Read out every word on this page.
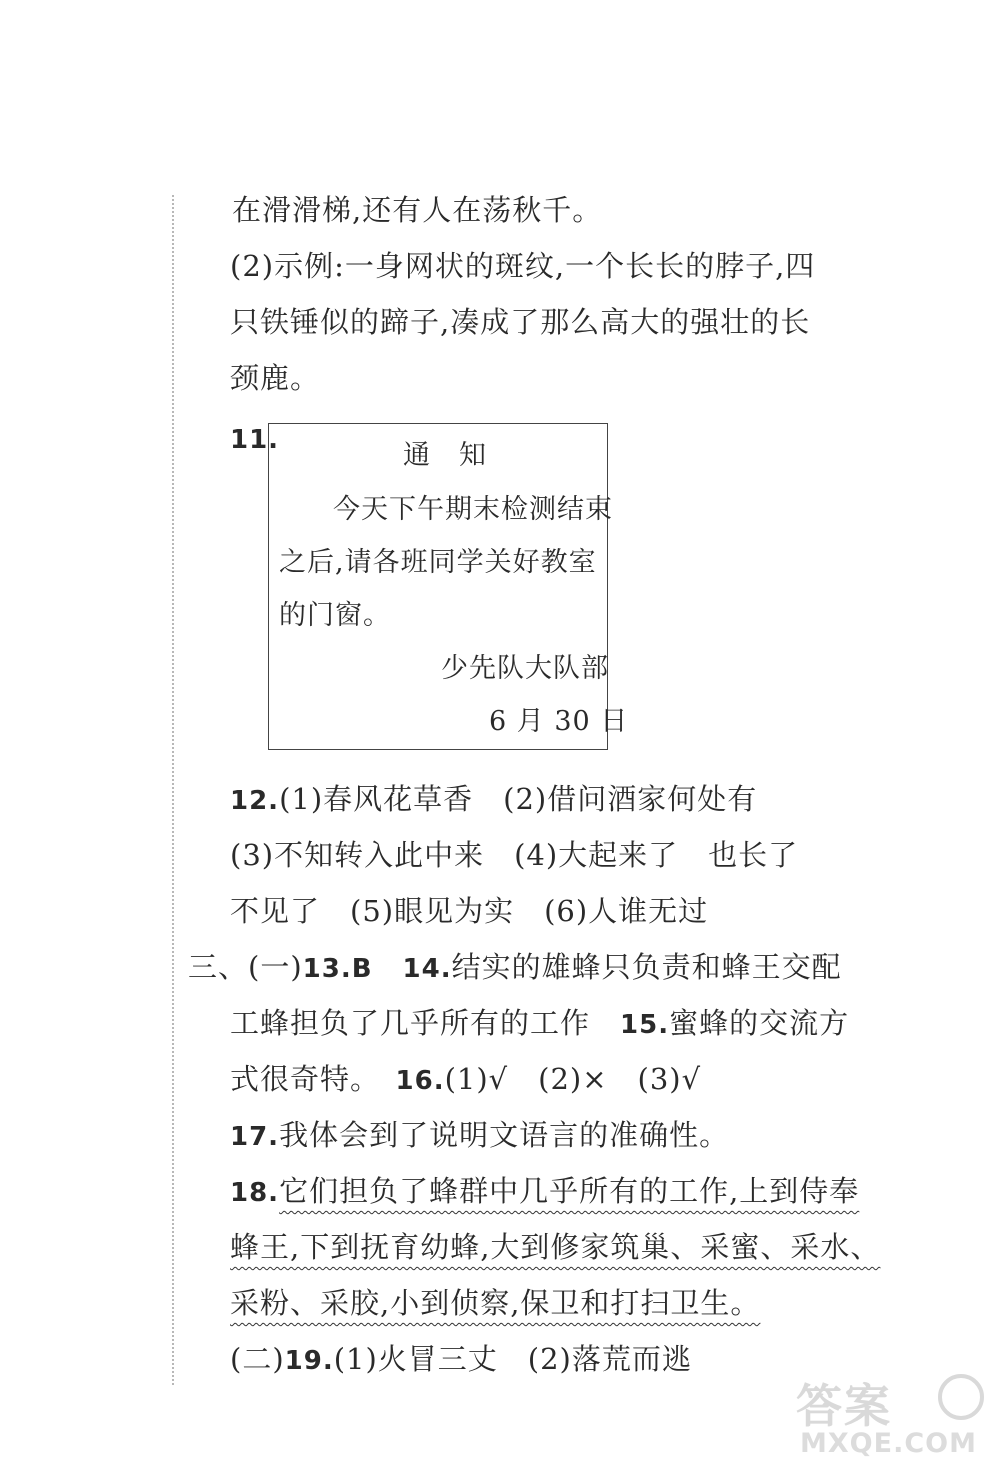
在滑滑梯,还有人在荡秋千。
(2)示例:一身网状的斑纹,一个长长的脖子,四
只铁锤似的蹄子,凑成了那么高大的强壮的长
颈鹿。
11.	通　知
今天下午期末检测结束
之后,请各班同学关好教室
的门窗。
少先队大队部
6 月 30 日
12.(1)春风花草香　(2)借问酒家何处有
(3)不知转入此中来　(4)大起来了　也长了
不见了　(5)眼见为实　(6)人谁无过
三、(一)13.B　 14.结实的雄蜂只负责和蜂王交配
工蜂担负了几乎所有的工作　 15.蜜蜂的交流方
式很奇特。　 16.(1)√　(2)×　(3)√
17.我体会到了说明文语言的准确性。
18.它们担负了蜂群中几乎所有的工作,上到侍奉
蜂王,下到抚育幼蜂,大到修家筑巢、采蜜、采水、
采粉、采胶,小到侦察,保卫和打扫卫生。
(二)19.(1)火冒三丈　(2)落荒而逃
答案
MXQE.COM
